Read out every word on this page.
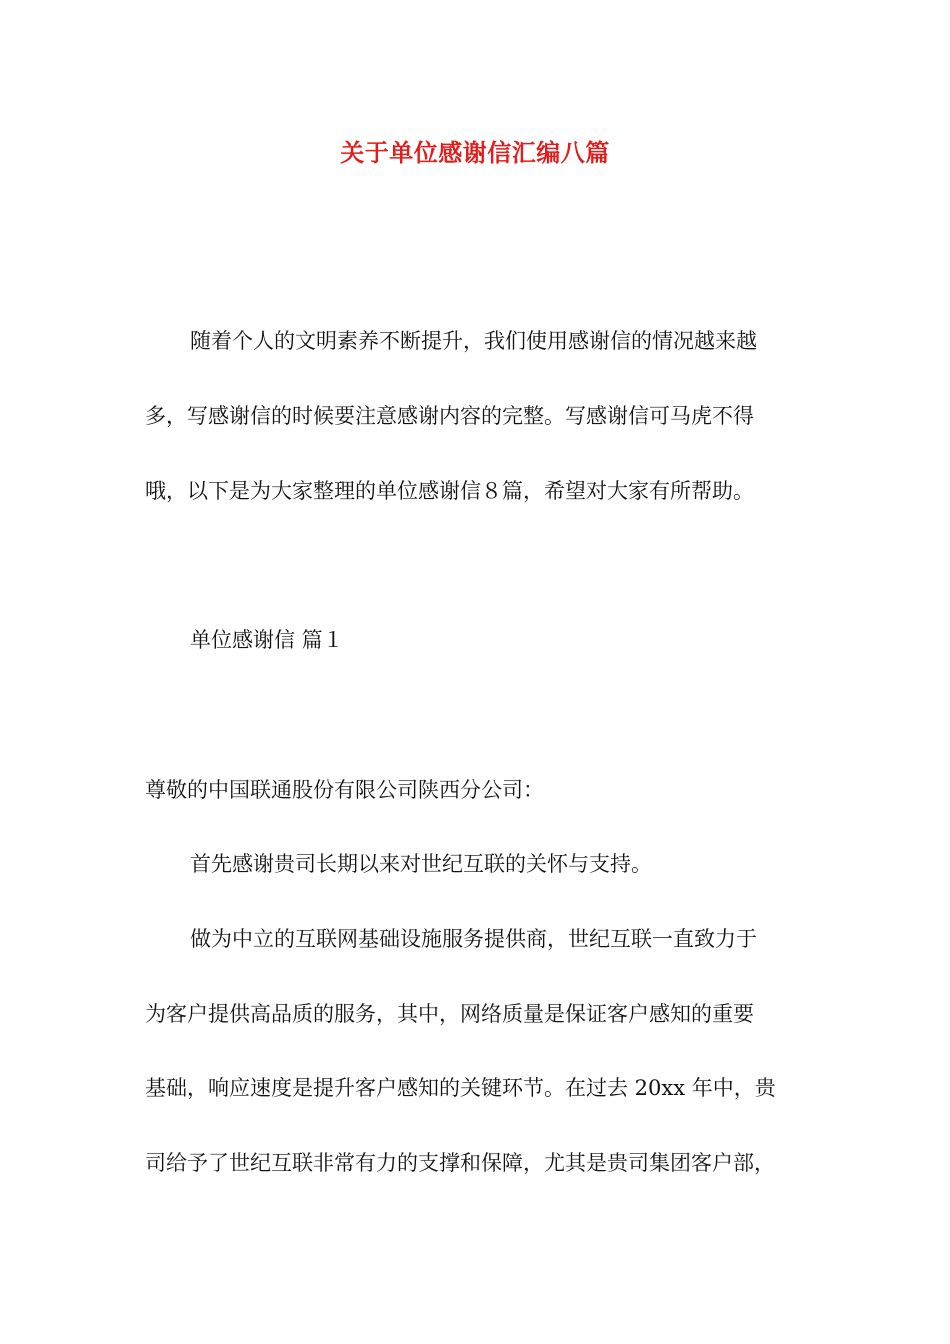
关于单位感谢信汇编八篇
随着个人的文明素养不断提升，我们使用感谢信的情况越来越
多，写感谢信的时候要注意感谢内容的完整。写感谢信可马虎不得
哦，以下是为大家整理的单位感谢信８篇，希望对大家有所帮助。
单位感谢信 篇１
尊敬的中国联通股份有限公司陕西分公司：
首先感谢贵司长期以来对世纪互联的关怀与支持。
做为中立的互联网基础设施服务提供商，世纪互联一直致力于
为客户提供高品质的服务，其中，网络质量是保证客户感知的重要
基础，响应速度是提升客户感知的关键环节。在过去 20xx 年中，贵
司给予了世纪互联非常有力的支撑和保障，尤其是贵司集团客户部，
